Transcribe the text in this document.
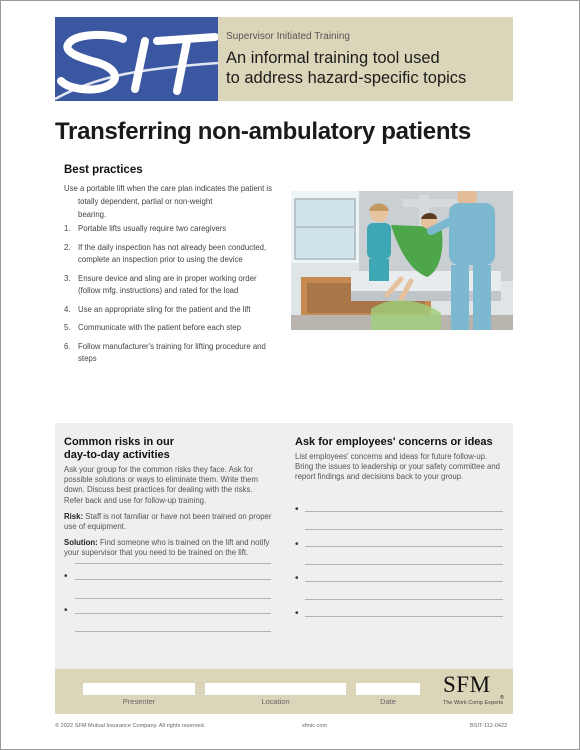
Supervisor Initiated Training
An informal training tool used
to address hazard-specific topics
Transferring non-ambulatory patients
Best practices
Use a portable lift when the care plan indicates the patient is
totally dependent, partial or non-weight
bearing.
1. Portable lifts usually require two caregivers
2. If the daily inspection has not already been conducted,
complete an inspection prior to using the device
3. Ensure device and sling are in proper working order
(follow mfg. instructions) and rated for the load
4. Use an appropriate sling for the patient and the lift
5. Communicate with the patient before each step
6. Follow manufacturer's training for lifting procedure and
steps
Common risks in our
day-to-day activities
Ask your group for the common risks they face. Ask for
possible solutions or ways to eliminate them. Write them
down. Discuss best practices for dealing with the risks.
Refer back and use for follow-up training.
Risk: Staff is not familiar or have not been trained on proper
use of equipment.
Solution: Find someone who is trained on the lift and notify
your supervisor that you need to be trained on the lift.
•
•
Ask for employees' concerns or ideas
List employees' concerns and ideas for future follow-up.
Bring the issues to leadership or your safety committee and
report findings and decisions back to your group.
•
•
•
•
Presenter	Location	Date
SFM
®
The Work Comp Experts
© 2022 SFM Mutual Insurance Company. All rights reserved.	sfmic.com	BSIT-112-0422
